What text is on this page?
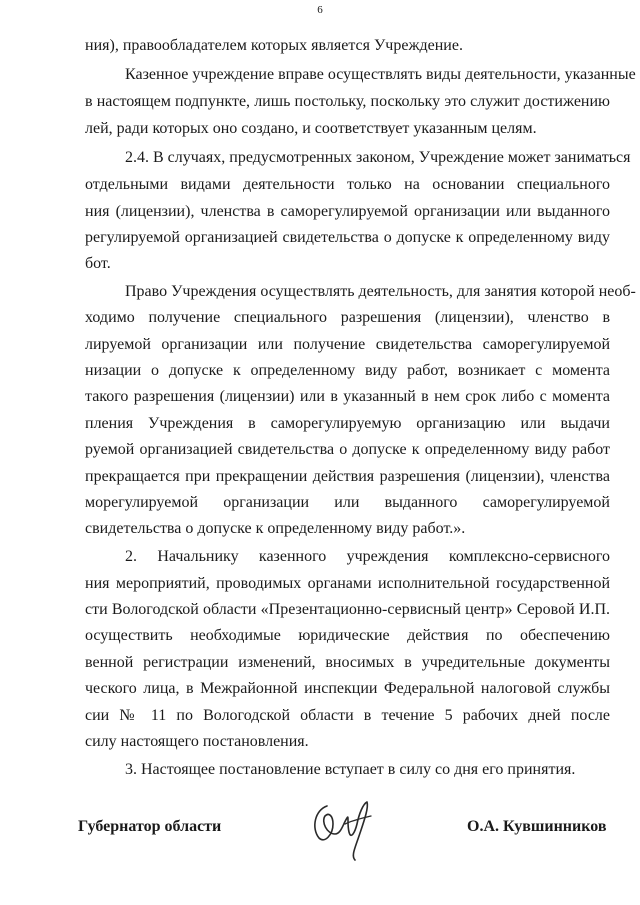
6
ния), правообладателем которых является Учреждение.
Казенное учреждение вправе осуществлять виды деятельности, указанные
в настоящем подпункте, лишь постольку, поскольку это служит достижению
лей, ради которых оно создано, и соответствует указанным целям.
2.4. В случаях, предусмотренных законом, Учреждение может заниматься
отдельными видами деятельности только на основании специального
ния (лицензии), членства в саморегулируемой организации или выданного
регулируемой организацией свидетельства о допуске к определенному виду
бот.
Право Учреждения осуществлять деятельность, для занятия которой необ-
ходимо получение специального разрешения (лицензии), членство в
лируемой организации или получение свидетельства саморегулируемой
низации о допуске к определенному виду работ, возникает с момента
такого разрешения (лицензии) или в указанный в нем срок либо с момента
пления Учреждения в саморегулируемую организацию или выдачи
руемой организацией свидетельства о допуске к определенному виду работ
прекращается при прекращении действия разрешения (лицензии), членства
морегулируемой организации или выданного саморегулируемой
свидетельства о допуске к определенному виду работ.».
2. Начальнику казенного учреждения комплексно-сервисного
ния мероприятий, проводимых органами исполнительной государственной
сти Вологодской области «Презентационно-сервисный центр» Серовой И.П.
осуществить необходимые юридические действия по обеспечению
венной регистрации изменений, вносимых в учредительные документы
ческого лица, в Межрайонной инспекции Федеральной налоговой службы
сии № 11 по Вологодской области в течение 5 рабочих дней после
силу настоящего постановления.
3. Настоящее постановление вступает в силу со дня его принятия.
Губернатор области	О.А. Кувшинников
